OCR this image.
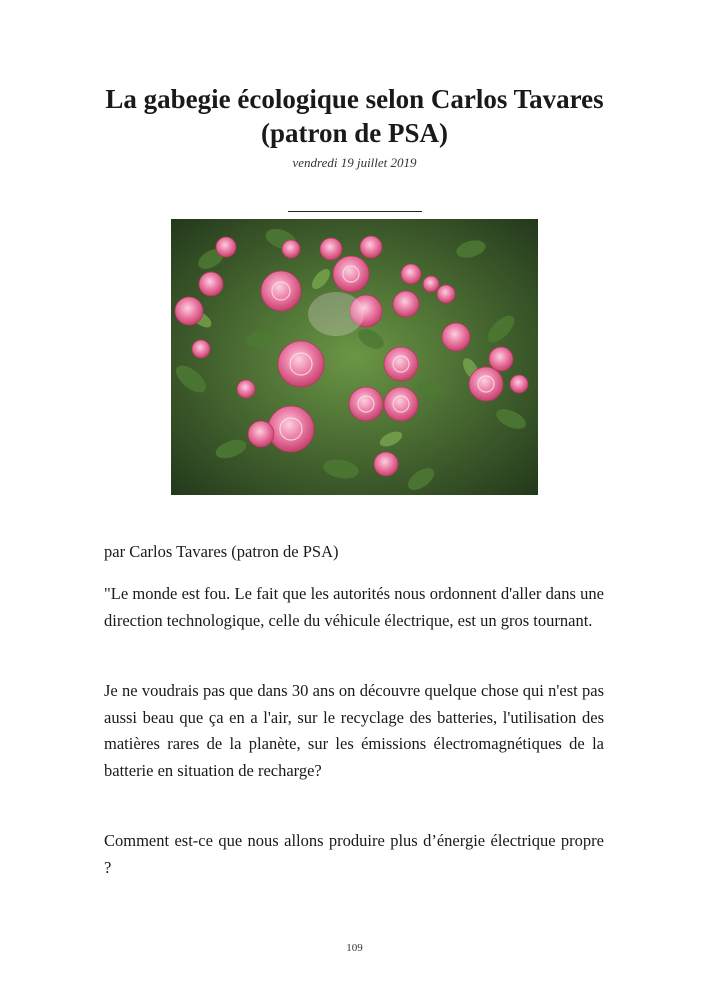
La gabegie écologique selon Carlos Tavares (patron de PSA)
vendredi 19 juillet 2019

par Carlos Tavares (patron de PSA)

"Le monde est fou. Le fait que les autorités nous ordonnent d'aller dans une direction technologique, celle du véhicule électrique, est un gros tournant.

Je ne voudrais pas que dans 30 ans on découvre quelque chose qui n'est pas aussi beau que ça en a l'air, sur le recyclage des batteries, l'utilisation des matières rares de la planète, sur les émissions électromagnétiques de la batterie en situation de recharge?

Comment est-ce que nous allons produire plus d’énergie électrique propre ?

109
